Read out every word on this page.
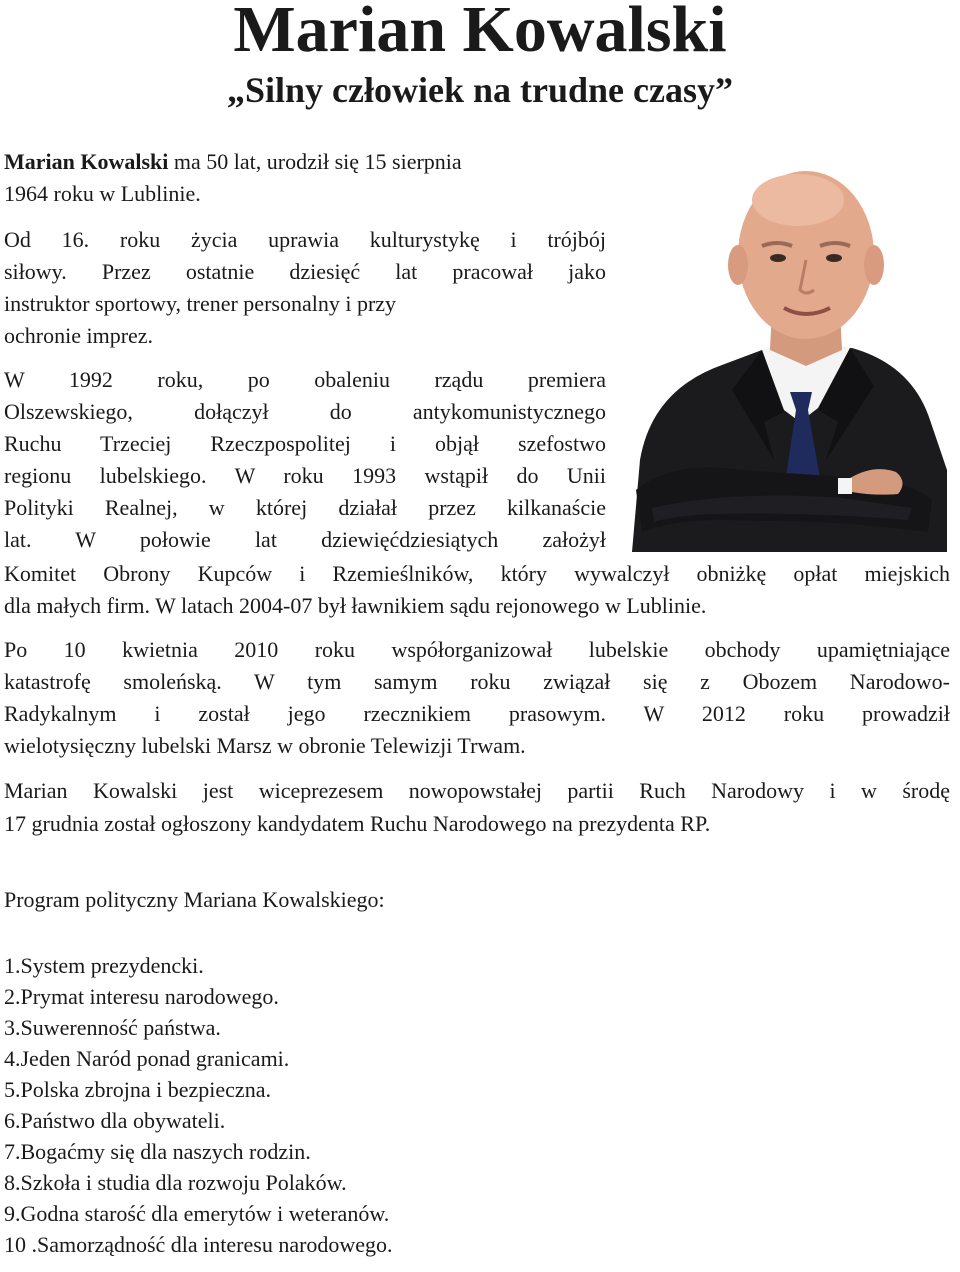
Marian Kowalski
„Silny człowiek na trudne czasy”

Marian Kowalski ma 50 lat, urodził się 15 sierpnia

1964 roku w Lublinie.

Od 16. roku życia uprawia kulturystykę i trójbój

siłowy. Przez ostatnie dziesięć lat pracował jako

instruktor sportowy, trener personalny i przy

ochronie imprez.

W 1992 roku, po obaleniu rządu premiera

Olszewskiego, dołączył do antykomunistycznego

Ruchu Trzeciej Rzeczpospolitej i objął szefostwo

regionu lubelskiego. W roku 1993 wstąpił do Unii

Polityki Realnej, w której działał przez kilkanaście

lat. W połowie lat dziewięćdziesiątych założył

Komitet Obrony Kupców i Rzemieślników, który wywalczył obniżkę opłat miejskich

dla małych firm. W latach 2004-07 był ławnikiem sądu rejonowego w Lublinie.

Po 10 kwietnia 2010 roku współorganizował lubelskie obchody upamiętniające

katastrofę smoleńską. W tym samym roku związał się z Obozem Narodowo-

Radykalnym i został jego rzecznikiem prasowym. W 2012 roku prowadził

wielotysięczny lubelski Marsz w obronie Telewizji Trwam.

Marian Kowalski jest wiceprezesem nowopowstałej partii Ruch Narodowy i w środę

17 grudnia został ogłoszony kandydatem Ruchu Narodowego na prezydenta RP.

Program polityczny Mariana Kowalskiego:

1.System prezydencki.
2.Prymat interesu narodowego.
3.Suwerenność państwa.
4.Jeden Naród ponad granicami.
5.Polska zbrojna i bezpieczna.
6.Państwo dla obywateli.
7.Bogaćmy się dla naszych rodzin.
8.Szkoła i studia dla rozwoju Polaków.
9.Godna starość dla emerytów i weteranów.
10 .Samorządność dla interesu narodowego.
